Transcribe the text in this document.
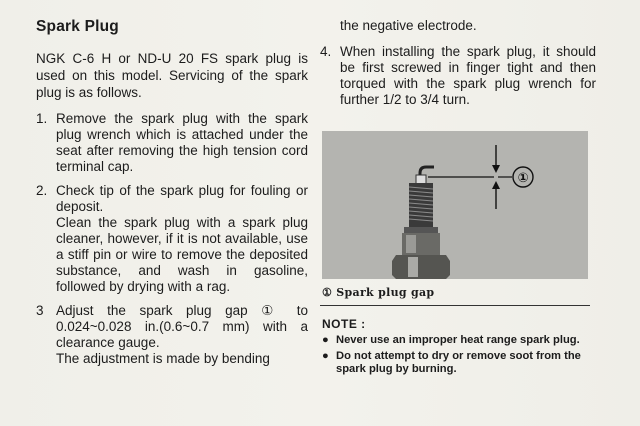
Spark Plug

NGK C-6 H or ND-U 20 FS spark plug is used on this model. Servicing of the spark plug is as follows.

1. Remove the spark plug with the spark plug wrench which is attached under the seat after removing the high tension cord terminal cap.

2. Check tip of the spark plug for fouling or deposit.

Clean the spark plug with a spark plug cleaner, however, if it is not available, use a stiff pin or wire to remove the deposited substance, and wash in gasoline, followed by drying with a rag.

3 Adjust the spark plug gap ① to 0.024~0.028 in.(0.6~0.7 mm) with a clearance gauge.

The adjustment is made by bending

the negative electrode.

4. When installing the spark plug, it should be first screwed in finger tight and then torqued with the spark plug wrench for further 1/2 to 3/4 turn.

①
① Spark plug gap
NOTE :
● Never use an improper heat range spark plug.
● Do not attempt to dry or remove soot from the spark plug by burning.
